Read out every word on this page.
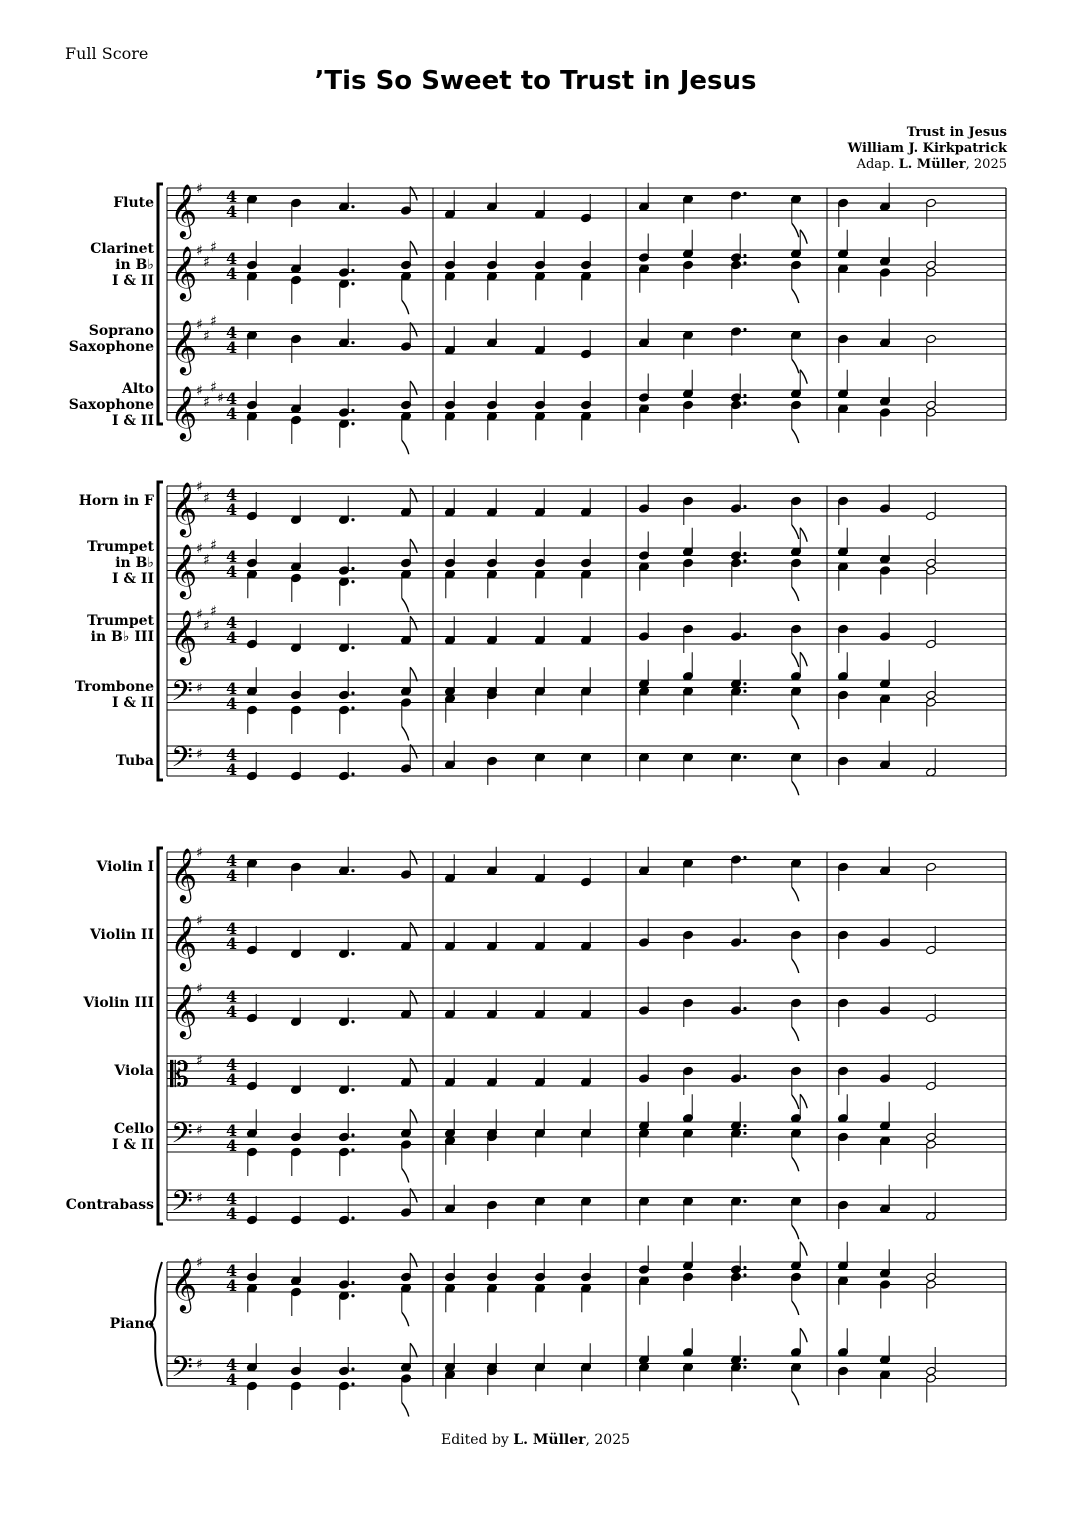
Full Score
’Tis So Sweet to Trust in Jesus
Trust in Jesus
William J. Kirkpatrick
Adap. L. Müller, 2025
Flute
Clarinet
in B♭
I & II
Soprano
Saxophone
Alto
Saxophone
I & II
Horn in F
Trumpet
in B♭
I & II
Trumpet
in B♭ III
Trombone
I & II
Tuba
Violin I
Violin II
Violin III
Viola
Cello
I & II
Contrabass
Piano
𝄞
♯ 4
4
𝄞
♯
♯
♯
4
4
𝄞
♯
♯
♯
4
4
𝄞
♯
♯
♯
♯ 4
4
𝄞
♯
♯ 4
4
𝄞
♯
♯
♯
4
4
𝄞
♯
♯
♯
4
4
𝄢 ♯ 4
4
𝄢 ♯ 4
4
𝄞
♯ 4
4
𝄞
♯ 4
4
𝄞
♯ 4
4
𝄡 ♯ 4
4
𝄢 ♯ 4
4
𝄢 ♯ 4
4
𝄞
♯ 4
4
𝄢 ♯ 4
4
Edited by L. Müller, 2025
